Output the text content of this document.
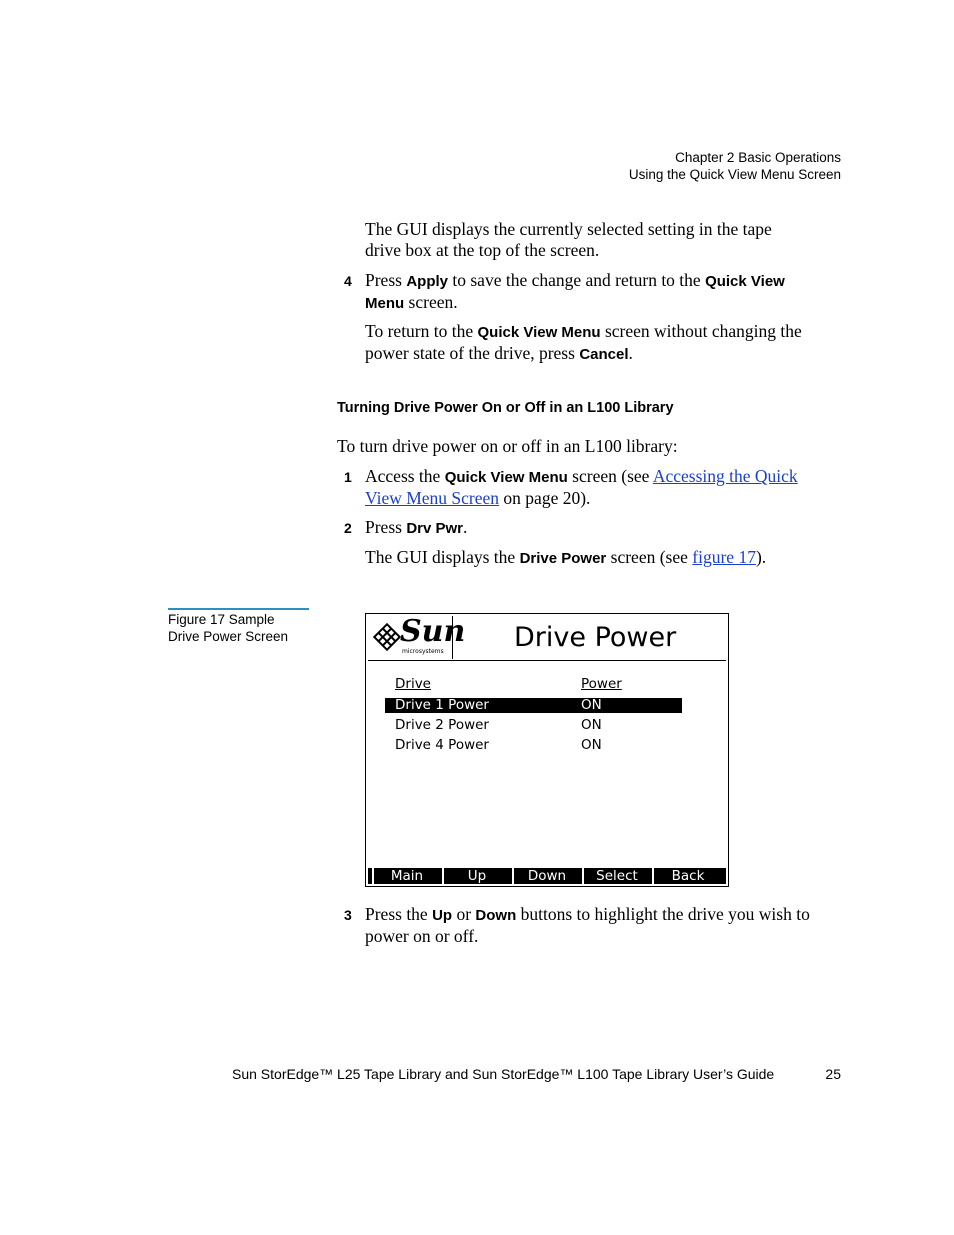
Chapter 2 Basic Operations
Using the Quick View Menu Screen
The GUI displays the currently selected setting in the tape
drive box at the top of the screen.
4 Press Apply to save the change and return to the Quick View
Menu screen.
To return to the Quick View Menu screen without changing the
power state of the drive, press Cancel.
Turning Drive Power On or Off in an L100 Library
To turn drive power on or off in an L100 library:
1 Access the Quick View Menu screen (see Accessing the Quick
View Menu Screen on page 20).
2 Press Drv Pwr.
The GUI displays the Drive Power screen (see figure 17).
Figure 17 Sample
Drive Power Screen	Sun
microsystems	Drive Power
Drive	Power
Drive 1 Power	ON
Drive 2 Power	ON
Drive 4 Power	ON
Main	Up	Down	Select	Back
3 Press the Up or Down buttons to highlight the drive you wish to
power on or off.
Sun StorEdge™ L25 Tape Library and Sun StorEdge™ L100 Tape Library User’s Guide	25
